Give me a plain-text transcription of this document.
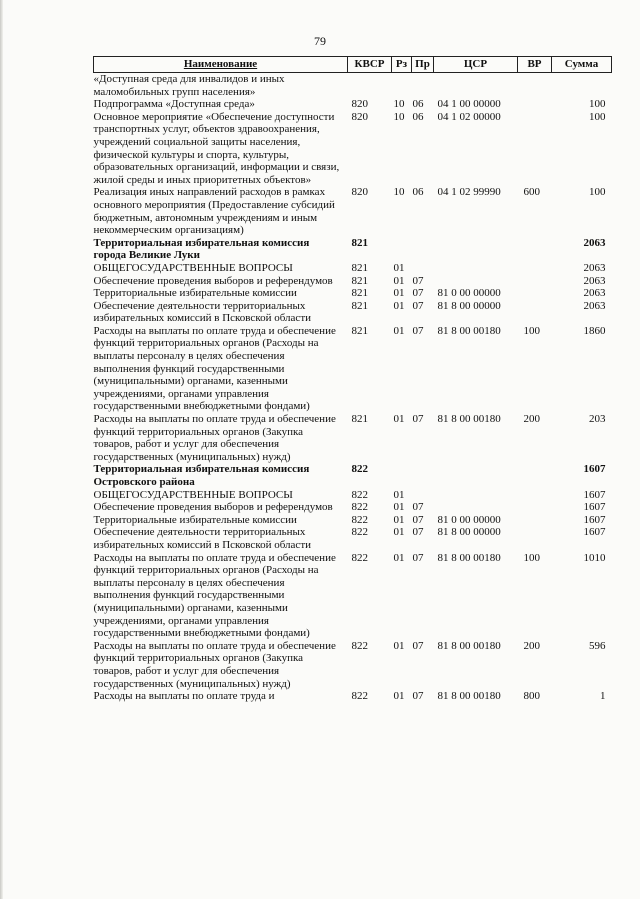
79
Наименование	КВСР	Рз	Пр	ЦСР	ВР	Сумма
«Доступная среда для инвалидов и иных маломобильных групп населения»						
Подпрограмма «Доступная среда»	820	10	06	04 1 00 00000		100
Основное мероприятие «Обеспечение доступности транспортных услуг, объектов здравоохранения, учреждений социальной защиты населения, физической культуры и спорта, культуры, образовательных организаций, информации и связи, жилой среды и иных приоритетных объектов»	820	10	06	04 1 02 00000		100
Реализация иных направлений расходов в рамках основного мероприятия (Предоставление субсидий бюджетным, автономным учреждениям и иным некоммерческим организациям)	820	10	06	04 1 02 99990	600	100
Территориальная избирательная комиссия города Великие Луки	821					2063
ОБЩЕГОСУДАРСТВЕННЫЕ ВОПРОСЫ	821	01				2063
Обеспечение проведения выборов и референдумов	821	01	07			2063
Территориальные избирательные комиссии	821	01	07	81 0 00 00000		2063
Обеспечение деятельности территориальных избирательных комиссий в Псковской области	821	01	07	81 8 00 00000		2063
Расходы на выплаты по оплате труда и обеспечение функций территориальных органов (Расходы на выплаты персоналу в целях обеспечения выполнения функций государственными (муниципальными) органами, казенными учреждениями, органами управления государственными внебюджетными фондами)	821	01	07	81 8 00 00180	100	1860
Расходы на выплаты по оплате труда и обеспечение функций территориальных органов (Закупка товаров, работ и услуг для обеспечения государственных (муниципальных) нужд)	821	01	07	81 8 00 00180	200	203
Территориальная избирательная комиссия Островского района	822					1607
ОБЩЕГОСУДАРСТВЕННЫЕ ВОПРОСЫ	822	01				1607
Обеспечение проведения выборов и референдумов	822	01	07			1607
Территориальные избирательные комиссии	822	01	07	81 0 00 00000		1607
Обеспечение деятельности территориальных избирательных комиссий в Псковской области	822	01	07	81 8 00 00000		1607
Расходы на выплаты по оплате труда и обеспечение функций территориальных органов (Расходы на выплаты персоналу в целях обеспечения выполнения функций государственными (муниципальными) органами, казенными учреждениями, органами управления государственными внебюджетными фондами)	822	01	07	81 8 00 00180	100	1010
Расходы на выплаты по оплате труда и обеспечение функций территориальных органов (Закупка товаров, работ и услуг для обеспечения государственных (муниципальных) нужд)	822	01	07	81 8 00 00180	200	596
Расходы на выплаты по оплате труда и	822	01	07	81 8 00 00180	800	1
